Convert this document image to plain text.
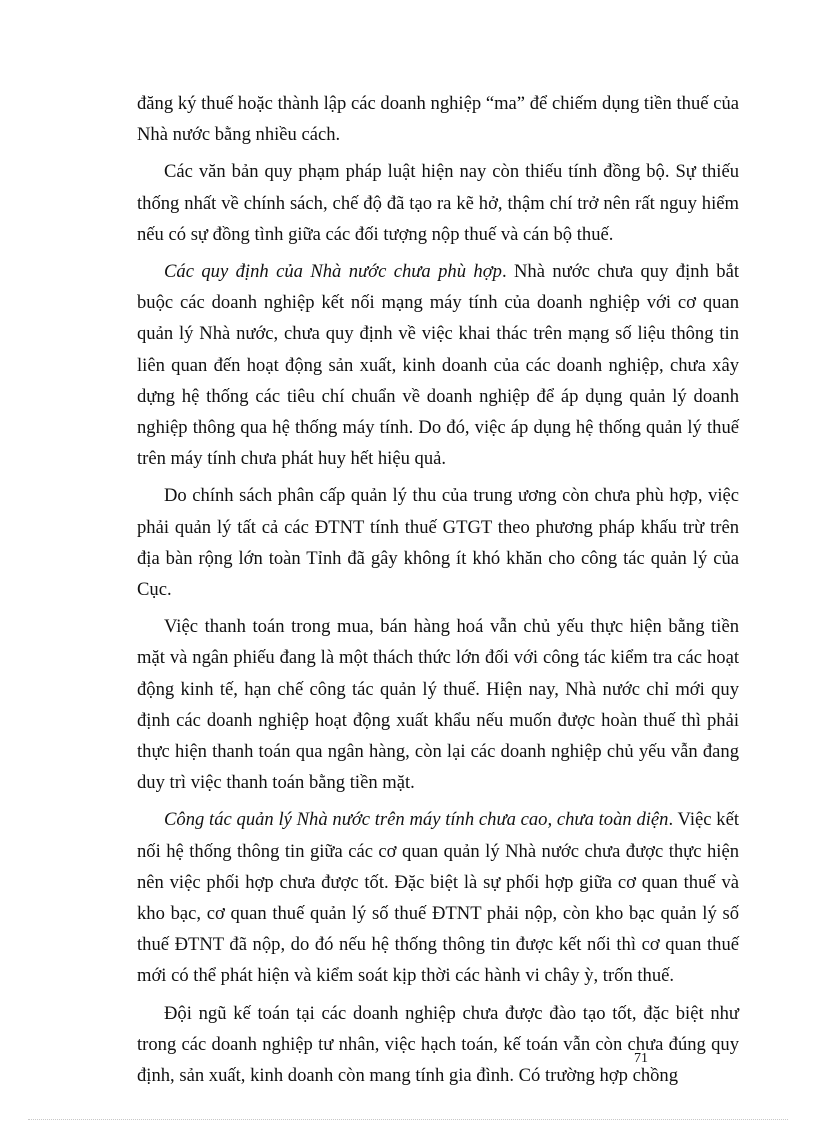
đăng ký thuế hoặc thành lập các doanh nghiệp “ma” để chiếm dụng tiền thuế của Nhà nước bằng nhiều cách.

Các văn bản quy phạm pháp luật hiện nay còn thiếu tính đồng bộ. Sự thiếu thống nhất về chính sách, chế độ đã tạo ra kẽ hở, thậm chí trở nên rất nguy hiểm nếu có sự đồng tình giữa các đối tượng nộp thuế và cán bộ thuế.

Các quy định của Nhà nước chưa phù hợp. Nhà nước chưa quy định bắt buộc các doanh nghiệp kết nối mạng máy tính của doanh nghiệp với cơ quan quản lý Nhà nước, chưa quy định về việc khai thác trên mạng số liệu thông tin liên quan đến hoạt động sản xuất, kinh doanh của các doanh nghiệp, chưa xây dựng hệ thống các tiêu chí chuẩn về doanh nghiệp để áp dụng quản lý doanh nghiệp thông qua hệ thống máy tính. Do đó, việc áp dụng hệ thống quản lý thuế trên máy tính chưa phát huy hết hiệu quả.

Do chính sách phân cấp quản lý thu của trung ương còn chưa phù hợp, việc phải quản lý tất cả các ĐTNT tính thuế GTGT theo phương pháp khấu trừ trên địa bàn rộng lớn toàn Tỉnh đã gây không ít khó khăn cho công tác quản lý của Cục.

Việc thanh toán trong mua, bán hàng hoá vẫn chủ yếu thực hiện bằng tiền mặt và ngân phiếu đang là một thách thức lớn đối với công tác kiểm tra các hoạt động kinh tế, hạn chế công tác quản lý thuế. Hiện nay, Nhà nước chỉ mới quy định các doanh nghiệp hoạt động xuất khẩu nếu muốn được hoàn thuế thì phải thực hiện thanh toán qua ngân hàng, còn lại các doanh nghiệp chủ yếu vẫn đang duy trì việc thanh toán bằng tiền mặt.

Công tác quản lý Nhà nước trên máy tính chưa cao, chưa toàn diện. Việc kết nối hệ thống thông tin giữa các cơ quan quản lý Nhà nước chưa được thực hiện nên việc phối hợp chưa được tốt. Đặc biệt là sự phối hợp giữa cơ quan thuế và kho bạc, cơ quan thuế quản lý số thuế ĐTNT phải nộp, còn kho bạc quản lý số thuế ĐTNT đã nộp, do đó nếu hệ thống thông tin được kết nối thì cơ quan thuế mới có thể phát hiện và kiểm soát kịp thời các hành vi chây ỳ, trốn thuế.

Đội ngũ kế toán tại các doanh nghiệp chưa được đào tạo tốt, đặc biệt như trong các doanh nghiệp tư nhân, việc hạch toán, kế toán vẫn còn chưa đúng quy định, sản xuất, kinh doanh còn mang tính gia đình. Có trường hợp chồng

71
